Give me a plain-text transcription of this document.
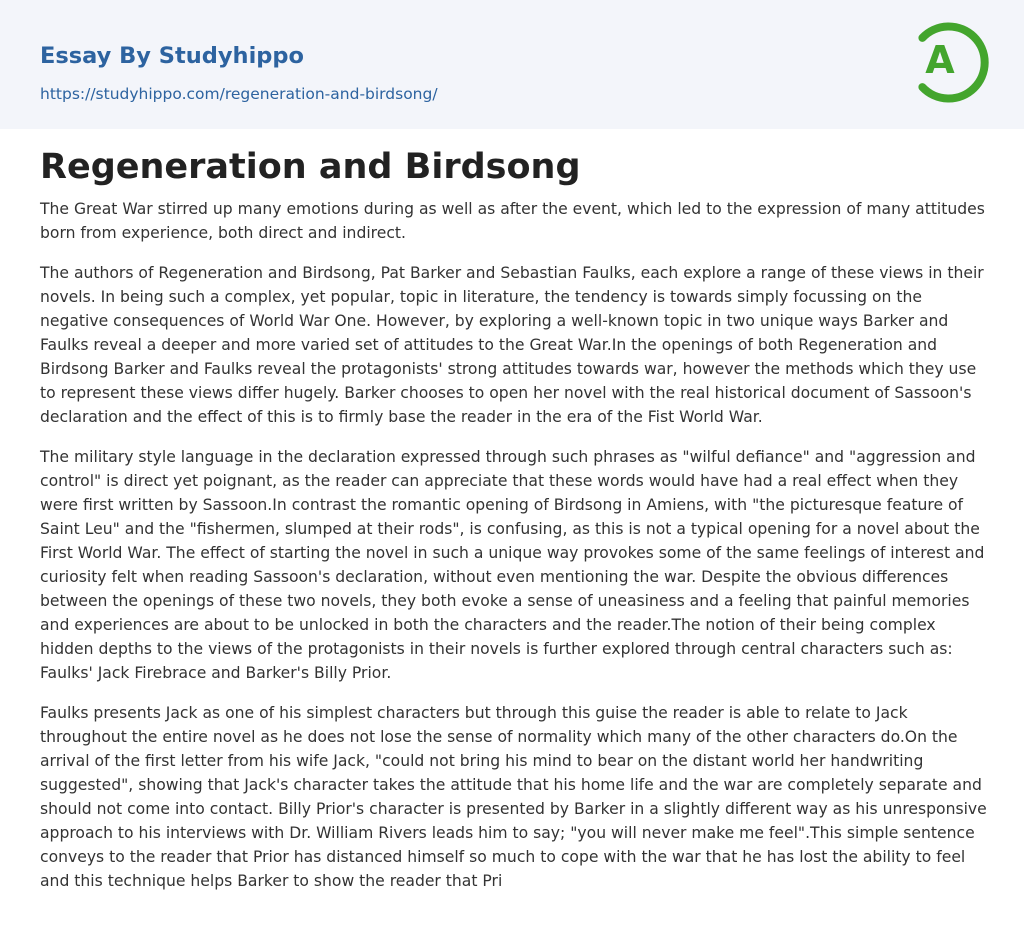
Essay By Studyhippo
https://studyhippo.com/regeneration-and-birdsong/
A
Regeneration and Birdsong

The Great War stirred up many emotions during as well as after the event, which led to the expression of many attitudes born from experience, both direct and indirect.

The authors of Regeneration and Birdsong, Pat Barker and Sebastian Faulks, each explore a range of these views in their novels. In being such a complex, yet popular, topic in literature, the tendency is towards simply focussing on the negative consequences of World War One. However, by exploring a well-known topic in two unique ways Barker and Faulks reveal a deeper and more varied set of attitudes to the Great War.In the openings of both Regeneration and Birdsong Barker and Faulks reveal the protagonists' strong attitudes towards war, however the methods which they use to represent these views differ hugely. Barker chooses to open her novel with the real historical document of Sassoon's declaration and the effect of this is to firmly base the reader in the era of the Fist World War.

The military style language in the declaration expressed through such phrases as "wilful defiance" and "aggression and control" is direct yet poignant, as the reader can appreciate that these words would have had a real effect when they were first written by Sassoon.In contrast the romantic opening of Birdsong in Amiens, with "the picturesque feature of Saint Leu" and the "fishermen, slumped at their rods", is confusing, as this is not a typical opening for a novel about the First World War. The effect of starting the novel in such a unique way provokes some of the same feelings of interest and curiosity felt when reading Sassoon's declaration, without even mentioning the war. Despite the obvious differences between the openings of these two novels, they both evoke a sense of uneasiness and a feeling that painful memories and experiences are about to be unlocked in both the characters and the reader.The notion of their being complex hidden depths to the views of the protagonists in their novels is further explored through central characters such as: Faulks' Jack Firebrace and Barker's Billy Prior.

Faulks presents Jack as one of his simplest characters but through this guise the reader is able to relate to Jack throughout the entire novel as he does not lose the sense of normality which many of the other characters do.On the arrival of the first letter from his wife Jack, "could not bring his mind to bear on the distant world her handwriting suggested", showing that Jack's character takes the attitude that his home life and the war are completely separate and should not come into contact. Billy Prior's character is presented by Barker in a slightly different way as his unresponsive approach to his interviews with Dr. William Rivers leads him to say; "you will never make me feel".This simple sentence conveys to the reader that Prior has distanced himself so much to cope with the war that he has lost the ability to feel and this technique helps Barker to show the reader that Pri
